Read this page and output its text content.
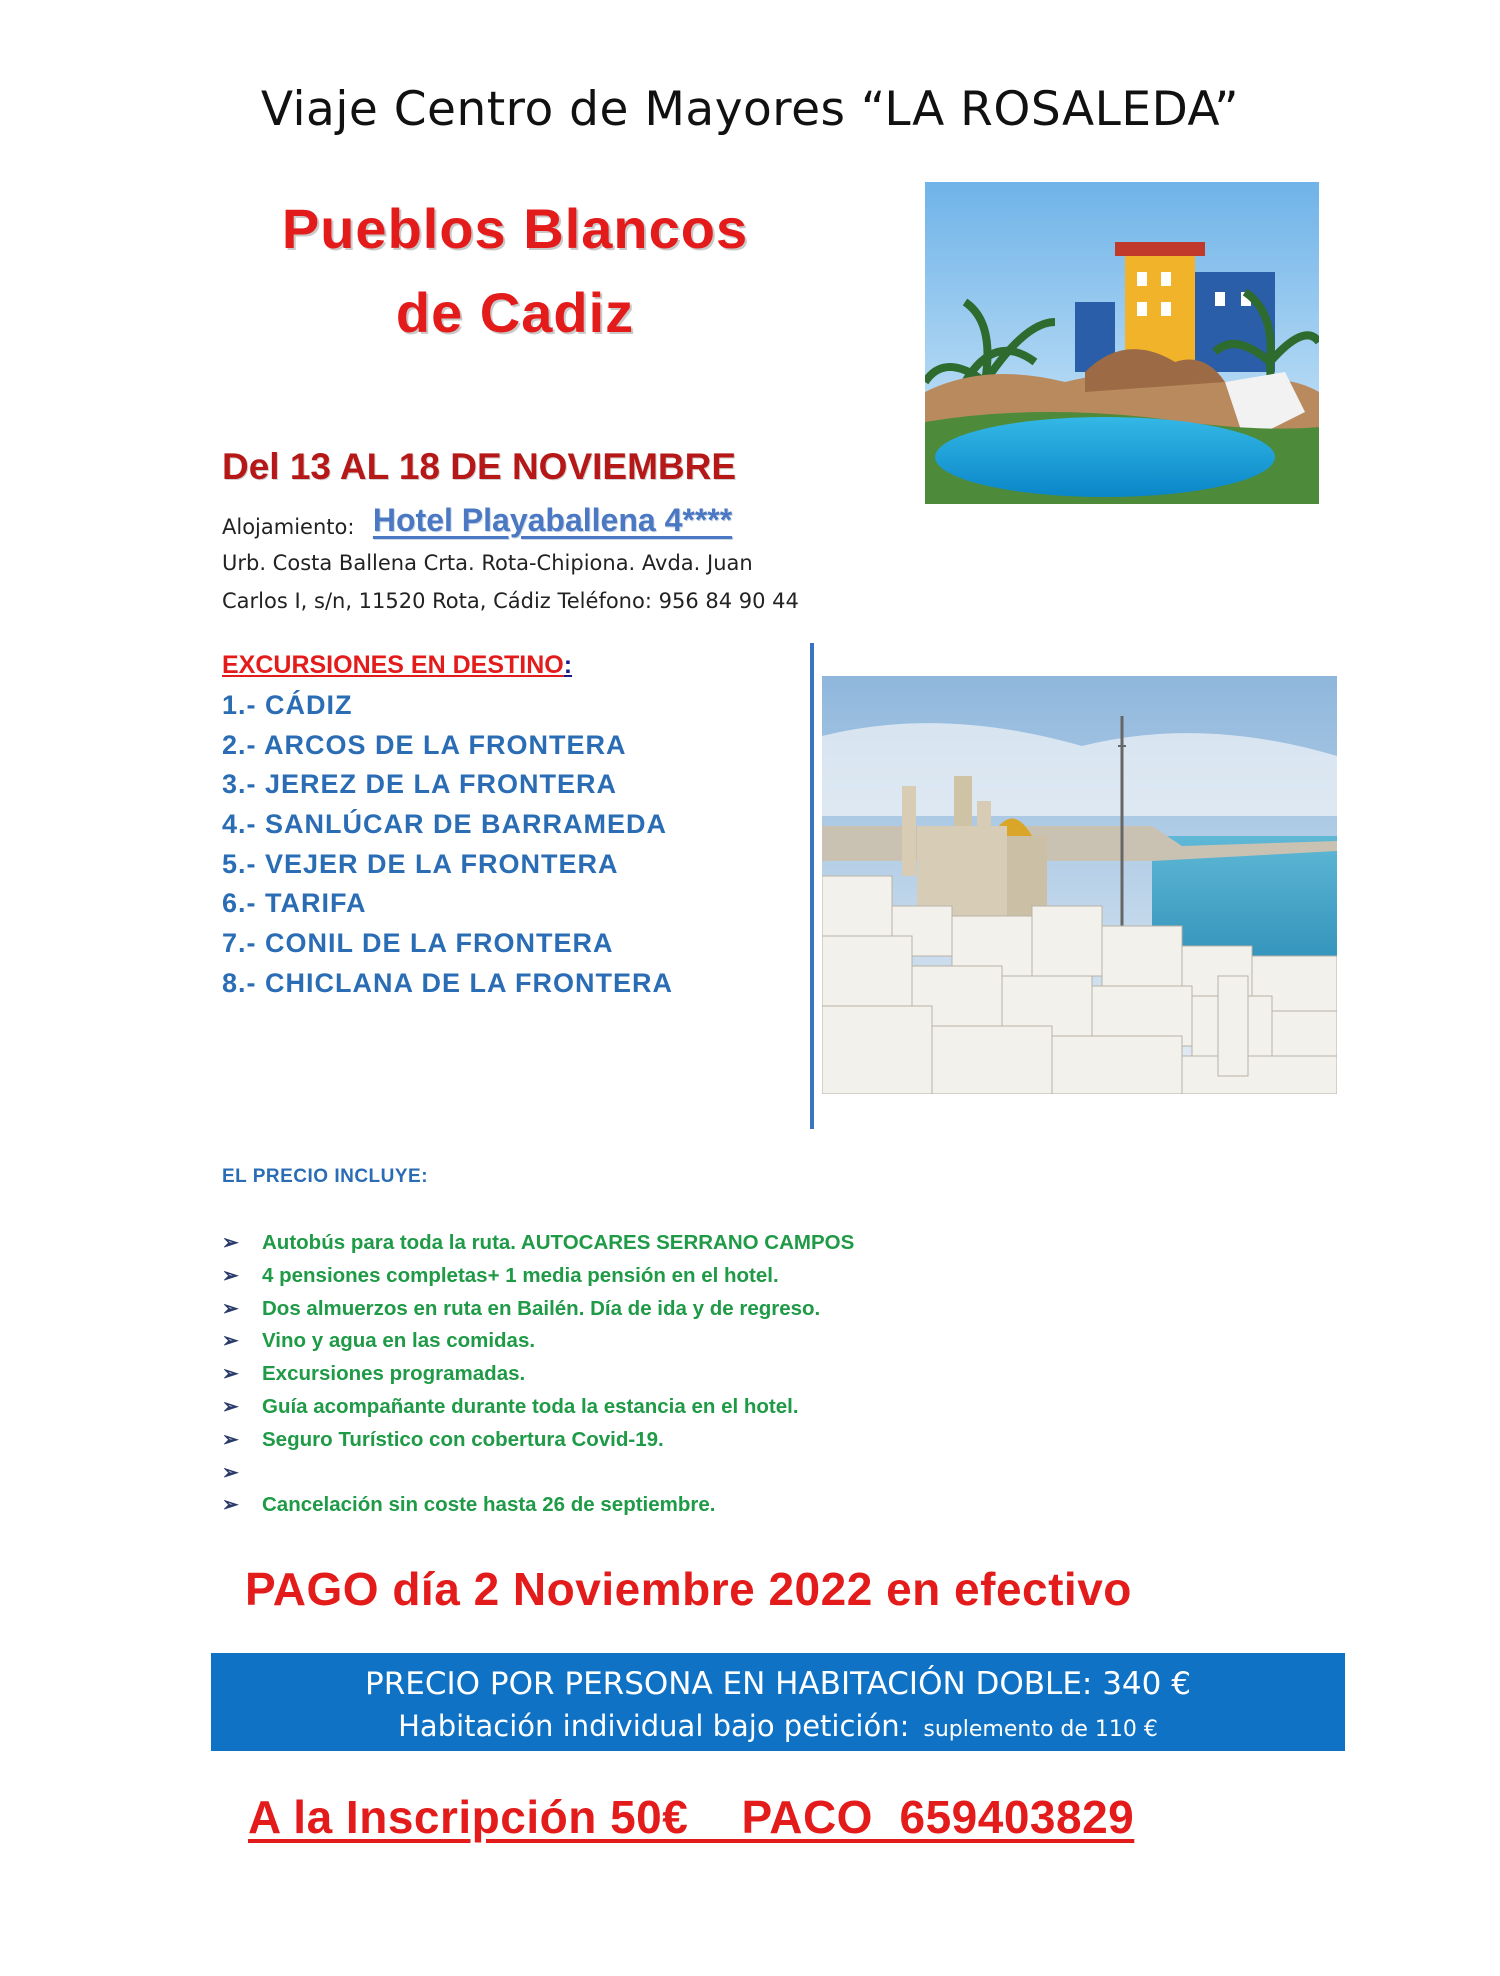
Viaje Centro de Mayores “LA ROSALEDA”
Pueblos Blancos
de Cadiz
Del 13 AL 18 DE NOVIEMBRE
Alojamiento: Hotel Playaballena 4****
Urb. Costa Ballena Crta. Rota-Chipiona. Avda. Juan
Carlos I, s/n, 11520 Rota, Cádiz Teléfono: 956 84 90 44
EXCURSIONES EN DESTINO:
1.- CÁDIZ
2.- ARCOS DE LA FRONTERA
3.- JEREZ DE LA FRONTERA
4.- SANLÚCAR DE BARRAMEDA
5.- VEJER DE LA FRONTERA
6.- TARIFA
7.- CONIL DE LA FRONTERA
8.- CHICLANA DE LA FRONTERA
EL PRECIO INCLUYE:
➢ Autobús para toda la ruta. AUTOCARES SERRANO CAMPOS
➢ 4 pensiones completas+ 1 media pensión en el hotel.
➢ Dos almuerzos en ruta en Bailén. Día de ida y de regreso.
➢ Vino y agua en las comidas.
➢ Excursiones programadas.
➢ Guía acompañante durante toda la estancia en el hotel.
➢ Seguro Turístico con cobertura Covid-19.
➢
➢ Cancelación sin coste hasta 26 de septiembre.
PAGO día 2 Noviembre 2022 en efectivo
PRECIO POR PERSONA EN HABITACIÓN DOBLE: 340 €
Habitación individual bajo petición: suplemento de 110 €
A la Inscripción 50€    PACO  659403829
